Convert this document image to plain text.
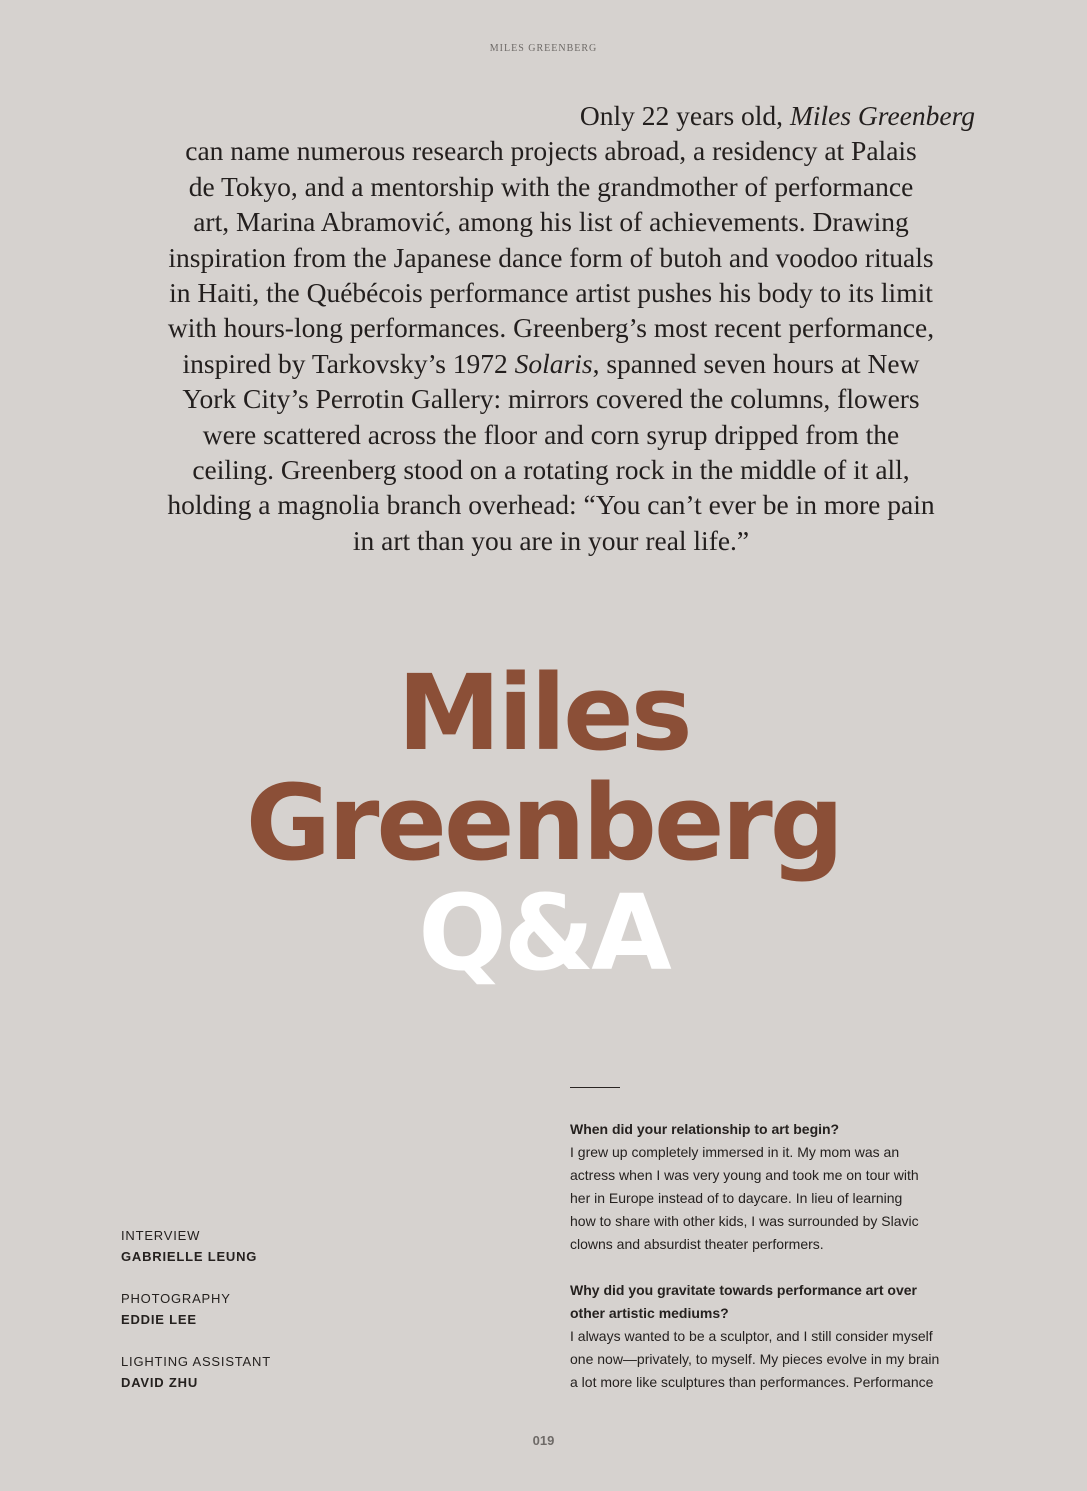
MILES GREENBERG
Only 22 years old, Miles Greenberg
can name numerous research projects abroad, a residency at Palais
de Tokyo, and a mentorship with the grandmother of performance
art, Marina Abramović, among his list of achievements. Drawing
inspiration from the Japanese dance form of butoh and voodoo rituals
in Haiti, the Québécois performance artist pushes his body to its limit
with hours-long performances. Greenberg’s most recent performance,
inspired by Tarkovsky’s 1972 Solaris, spanned seven hours at New
York City’s Perrotin Gallery: mirrors covered the columns, flowers
were scattered across the floor and corn syrup dripped from the
ceiling. Greenberg stood on a rotating rock in the middle of it all,
holding a magnolia branch overhead: “You can’t ever be in more pain
in art than you are in your real life.”
Miles
Greenberg
Q&A
When did your relationship to art begin?
I grew up completely immersed in it. My mom was an
actress when I was very young and took me on tour with
her in Europe instead of to daycare. In lieu of learning
how to share with other kids, I was surrounded by Slavic
clowns and absurdist theater performers.
Why did you gravitate towards performance art over
other artistic mediums?
I always wanted to be a sculptor, and I still consider myself
one now—privately, to myself. My pieces evolve in my brain
a lot more like sculptures than performances. Performance
INTERVIEW
GABRIELLE LEUNG
PHOTOGRAPHY
EDDIE LEE
LIGHTING ASSISTANT
DAVID ZHU
019
